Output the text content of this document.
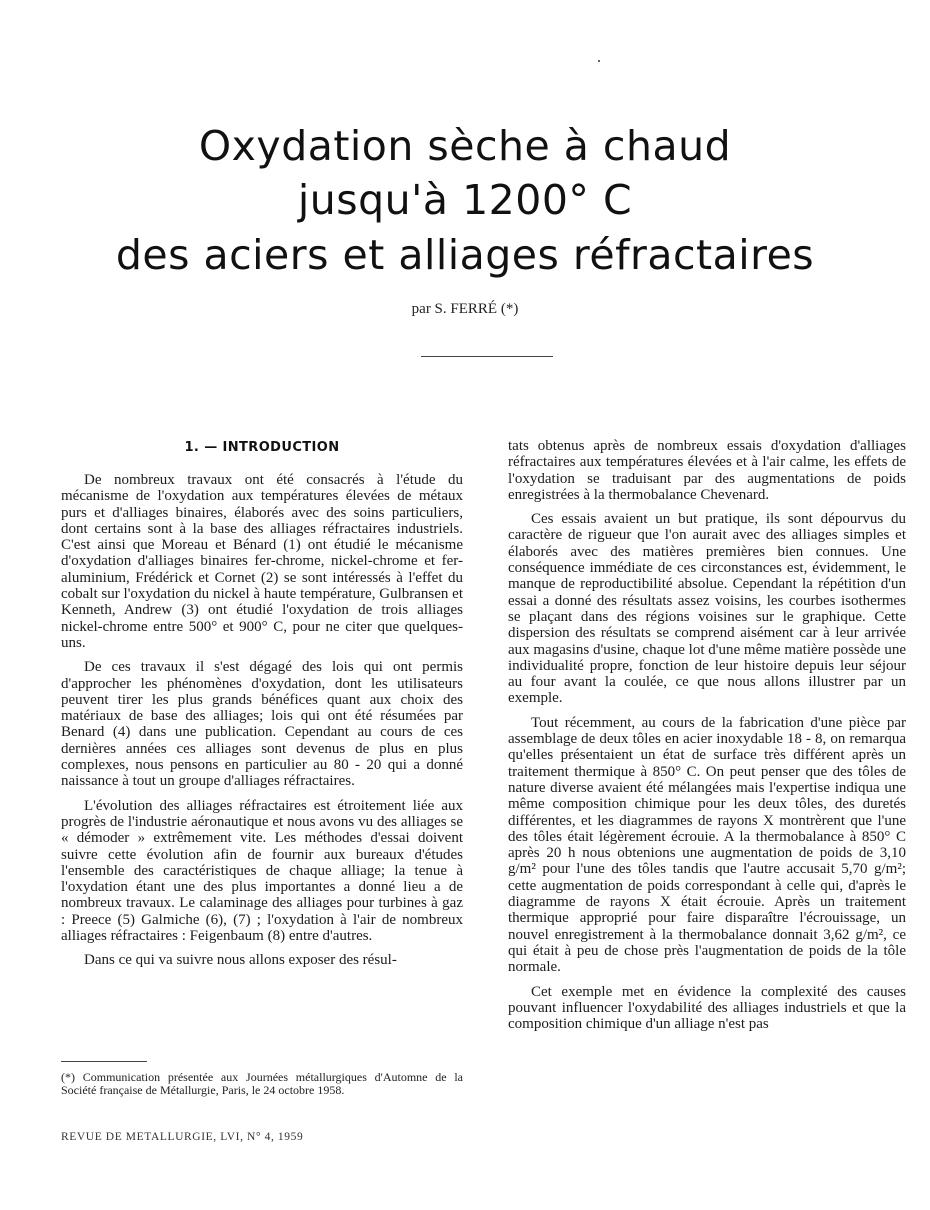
Oxydation sèche à chaud
jusqu'à 1200° C
des aciers et alliages réfractaires
par S. FERRÉ (*)
1. — INTRODUCTION

De nombreux travaux ont été consacrés à l'étude du mécanisme de l'oxydation aux températures élevées de métaux purs et d'alliages binaires, élaborés avec des soins particuliers, dont certains sont à la base des alliages réfractaires industriels. C'est ainsi que Moreau et Bénard (1) ont étudié le mécanisme d'oxydation d'alliages binaires fer-chrome, nickel-chrome et fer-aluminium, Frédérick et Cornet (2) se sont intéressés à l'effet du cobalt sur l'oxydation du nickel à haute température, Gulbransen et Kenneth, Andrew (3) ont étudié l'oxydation de trois alliages nickel-chrome entre 500° et 900° C, pour ne citer que quelques-uns.

De ces travaux il s'est dégagé des lois qui ont permis d'approcher les phénomènes d'oxydation, dont les utilisateurs peuvent tirer les plus grands bénéfices quant aux choix des matériaux de base des alliages; lois qui ont été résumées par Benard (4) dans une publication. Cependant au cours de ces dernières années ces alliages sont devenus de plus en plus complexes, nous pensons en particulier au 80 - 20 qui a donné naissance à tout un groupe d'alliages réfractaires.

L'évolution des alliages réfractaires est étroitement liée aux progrès de l'industrie aéronautique et nous avons vu des alliages se « démoder » extrêmement vite. Les méthodes d'essai doivent suivre cette évolution afin de fournir aux bureaux d'études l'ensemble des caractéristiques de chaque alliage; la tenue à l'oxydation étant une des plus importantes a donné lieu a de nombreux travaux. Le calaminage des alliages pour turbines à gaz : Preece (5) Galmiche (6), (7) ; l'oxydation à l'air de nombreux alliages réfractaires : Feigenbaum (8) entre d'autres.

Dans ce qui va suivre nous allons exposer des résul-

tats obtenus après de nombreux essais d'oxydation d'alliages réfractaires aux températures élevées et à l'air calme, les effets de l'oxydation se traduisant par des augmentations de poids enregistrées à la thermobalance Chevenard.

Ces essais avaient un but pratique, ils sont dépourvus du caractère de rigueur que l'on aurait avec des alliages simples et élaborés avec des matières premières bien connues. Une conséquence immédiate de ces circonstances est, évidemment, le manque de reproductibilité absolue. Cependant la répétition d'un essai a donné des résultats assez voisins, les courbes isothermes se plaçant dans des régions voisines sur le graphique. Cette dispersion des résultats se comprend aisément car à leur arrivée aux magasins d'usine, chaque lot d'une même matière possède une individualité propre, fonction de leur histoire depuis leur séjour au four avant la coulée, ce que nous allons illustrer par un exemple.

Tout récemment, au cours de la fabrication d'une pièce par assemblage de deux tôles en acier inoxydable 18 - 8, on remarqua qu'elles présentaient un état de surface très différent après un traitement thermique à 850° C. On peut penser que des tôles de nature diverse avaient été mélangées mais l'expertise indiqua une même composition chimique pour les deux tôles, des duretés différentes, et les diagrammes de rayons X montrèrent que l'une des tôles était légèrement écrouie. A la thermobalance à 850° C après 20 h nous obtenions une augmentation de poids de 3,10 g/m² pour l'une des tôles tandis que l'autre accusait 5,70 g/m²; cette augmentation de poids correspondant à celle qui, d'après le diagramme de rayons X était écrouie. Après un traitement thermique approprié pour faire disparaître l'écrouissage, un nouvel enregistrement à la thermobalance donnait 3,62 g/m², ce qui était à peu de chose près l'augmentation de poids de la tôle normale.

Cet exemple met en évidence la complexité des causes pouvant influencer l'oxydabilité des alliages industriels et que la composition chimique d'un alliage n'est pas

(*) Communication présentée aux Journées métallurgiques d'Automne de la Société française de Métallurgie, Paris, le 24 octobre 1958.
REVUE DE METALLURGIE, LVI, N° 4, 1959
